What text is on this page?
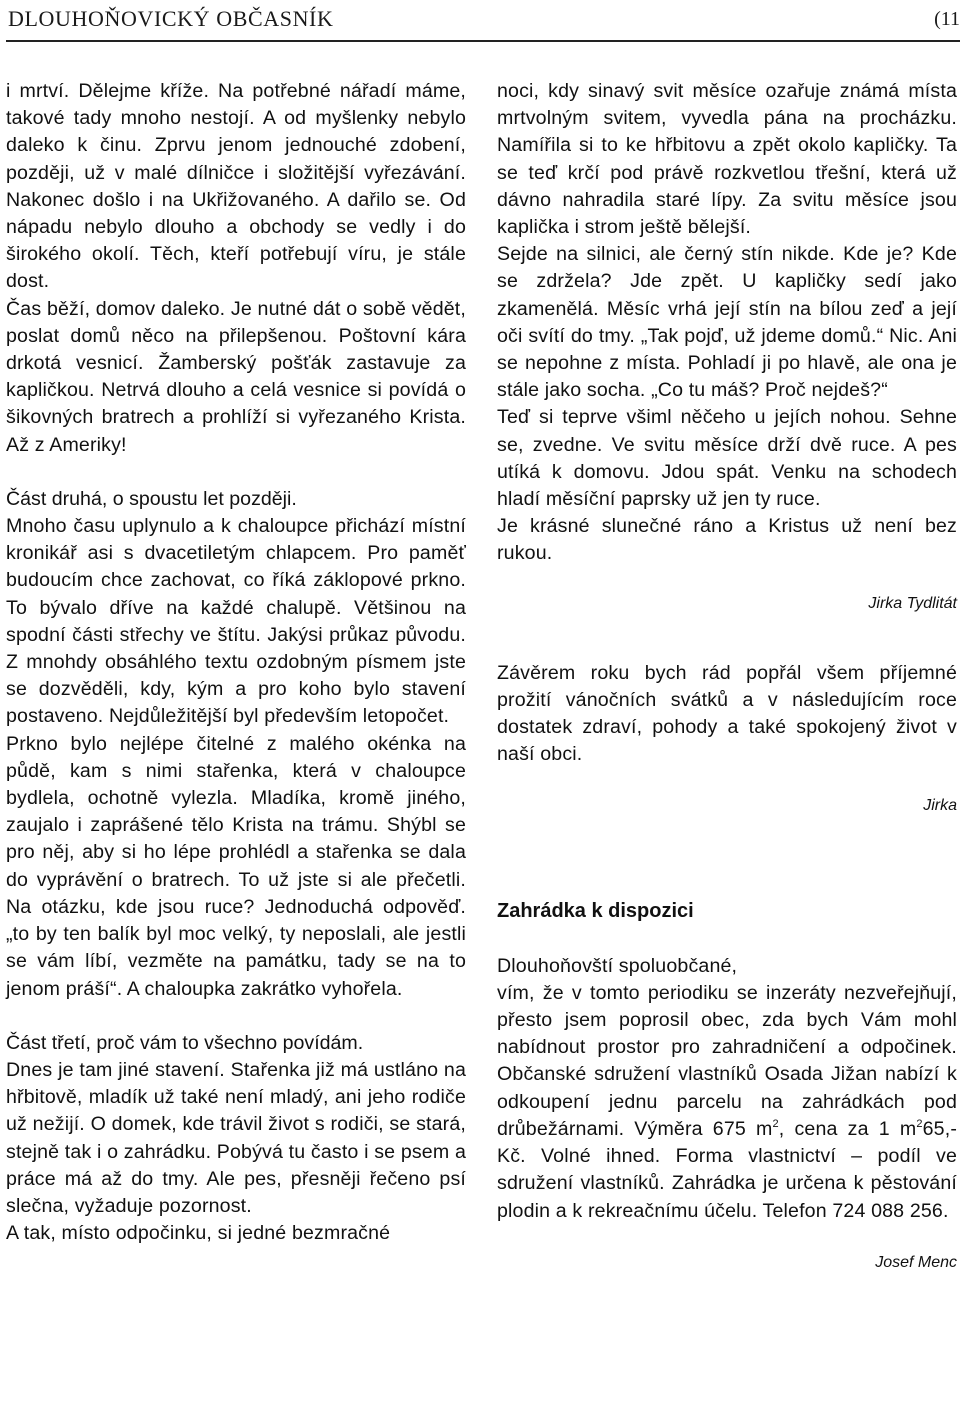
DLOUHOŇOVICKÝ OBČASNÍK	(11

i mrtví. Dělejme kříže. Na potřebné nářadí máme, takové tady mnoho nestojí. A od myšlenky nebylo daleko k činu. Zprvu jenom jednouché zdobení, později, už v malé dílničce i složitější vyřezávání. Nakonec došlo i na Ukřižovaného. A dařilo se. Od nápadu nebylo dlouho a obchody se vedly i do širokého okolí. Těch, kteří potřebují víru, je stále dost.

Čas běží, domov daleko. Je nutné dát o sobě vědět, poslat domů něco na přilepšenou. Poštovní kára drkotá vesnicí. Žamberský pošťák zastavuje za kapličkou. Netrvá dlouho a celá vesnice si povídá o šikovných bratrech a prohlíží si vyřezaného Krista. Až z Ameriky!

Část druhá, o spoustu let později.

Mnoho času uplynulo a k chaloupce přichází místní kronikář asi s dvacetiletým chlapcem. Pro paměť budoucím chce zachovat, co říká záklopové prkno. To bývalo dříve na každé chalupě. Většinou na spodní části střechy ve štítu. Jakýsi průkaz původu. Z mnohdy obsáhlého textu ozdobným písmem jste se dozvěděli, kdy, kým a pro koho bylo stavení postaveno. Nejdůležitější byl především letopočet.

Prkno bylo nejlépe čitelné z malého okénka na půdě, kam s nimi stařenka, která v chaloupce bydlela, ochotně vylezla. Mladíka, kromě jiného, zaujalo i zaprášené tělo Krista na trámu. Shýbl se pro něj, aby si ho lépe prohlédl a stařenka se dala do vyprávění o bratrech. To už jste si ale přečetli. Na otázku, kde jsou ruce? Jednoduchá odpověď. „to by ten balík byl moc velký, ty neposlali, ale jestli se vám líbí, vezměte na památku, tady se na to jenom práší“. A chaloupka zakrátko vyhořela.

Část třetí, proč vám to všechno povídám.

Dnes je tam jiné stavení. Stařenka již má ustláno na hřbitově, mladík už také není mladý, ani jeho rodiče už nežijí. O domek, kde trávil život s rodiči, se stará, stejně tak i o zahrádku. Pobývá tu často i se psem a práce má až do tmy. Ale pes, přesněji řečeno psí slečna, vyžaduje pozornost.

A tak, místo odpočinku, si jedné bezmračné

noci, kdy sinavý svit měsíce ozařuje známá místa mrtvolným svitem, vyvedla pána na procházku. Namířila si to ke hřbitovu a zpět okolo kapličky. Ta se teď krčí pod právě rozkvetlou třešní, která už dávno nahradila staré lípy. Za svitu měsíce jsou kaplička i strom ještě bělejší.

Sejde na silnici, ale černý stín nikde. Kde je? Kde se zdržela? Jde zpět. U kapličky sedí jako zkamenělá. Měsíc vrhá její stín na bílou zeď a její oči svítí do tmy. „Tak pojď, už jdeme domů.“ Nic. Ani se nepohne z místa. Pohladí ji po hlavě, ale ona je stále jako socha. „Co tu máš? Proč nejdeš?“

Teď si teprve všiml něčeho u jejích nohou. Sehne se, zvedne. Ve svitu měsíce drží dvě ruce. A pes utíká k domovu. Jdou spát. Venku na schodech hladí měsíční paprsky už jen ty ruce.

Je krásné slunečné ráno a Kristus už není bez rukou.

Jirka Tydlitát

Závěrem roku bych rád popřál všem příjemné prožití vánočních svátků a v následujícím roce dostatek zdraví, pohody a také spokojený život v naší obci.

Jirka

Zahrádka k dispozici

Dlouhoňovští spoluobčané,

vím, že v tomto periodiku se inzeráty nezveřejňují, přesto jsem poprosil obec, zda bych Vám mohl nabídnout prostor pro zahradničení a odpočinek. Občanské sdružení vlastníků Osada Jižan nabízí k odkoupení jednu parcelu na zahrádkách pod drůbežárnami. Výměra 675 $m^2$, cena za 1 $m^265,-$ Kč. Volné ihned. Forma vlastnictví – podíl ve sdružení vlastníků. Zahrádka je určena k pěstování plodin a k rekreačnímu účelu. Telefon 724 088 256.

Josef Menc
